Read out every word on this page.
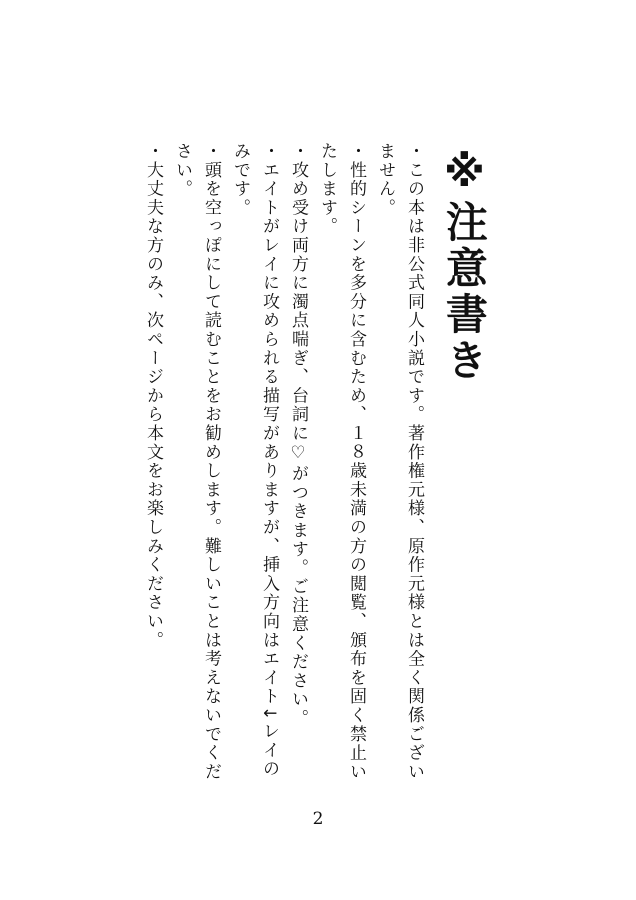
※注意書き

・この本は非公式同人小説です。著作権元様、原作元様とは全く関係ございません。

・性的シーンを多分に含むため、１８歳未満の方の閲覧、頒布を固く禁止いたします。

・攻め受け両方に濁点喘ぎ、台詞に♡がつきます。ご注意ください。

・エイトがレイに攻められる描写がありますが、挿入方向はエイト↓レイのみです。

・頭を空っぽにして読むことをお勧めします。難しいことは考えないでください。

・大丈夫な方のみ、次ページから本文をお楽しみください。

2
